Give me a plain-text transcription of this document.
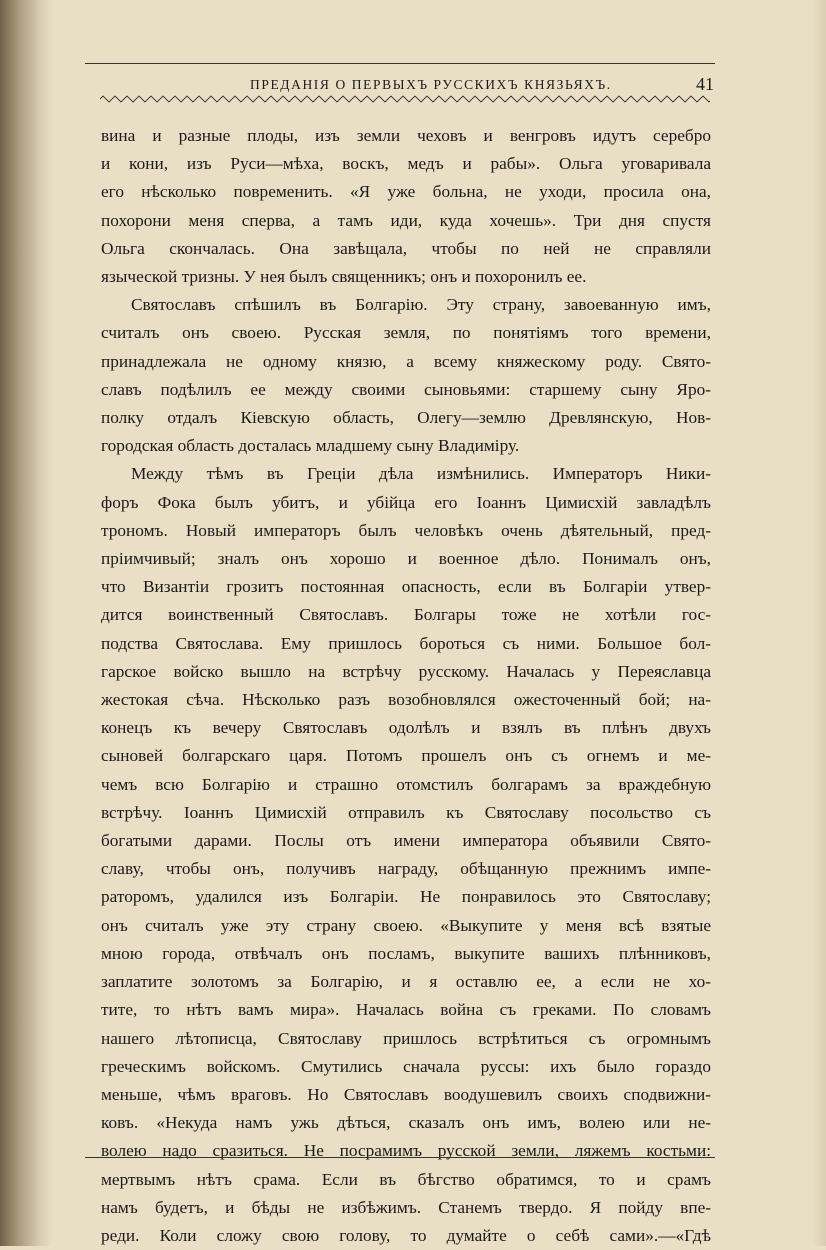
ПРЕДАНІЯ О ПЕРВЫХЪ РУССКИХЪ КНЯЗЬЯХЪ.	41
вина и разные плоды, изъ земли чеховъ и венгровъ идутъ серебро
и кони, изъ Руси—мѣха, воскъ, медъ и рабы». Ольга уговаривала
его нѣсколько повременить. «Я уже больна, не уходи, просила она,
похорони меня сперва, а тамъ иди, куда хочешь». Три дня спустя
Ольга скончалась. Она завѣщала, чтобы по ней не справляли
языческой тризны. У нея былъ священникъ; онъ и похоронилъ ее.
Святославъ спѣшилъ въ Болгарію. Эту страну, завоеванную имъ,
считалъ онъ своею. Русская земля, по понятіямъ того времени,
принадлежала не одному князю, а всему княжескому роду. Свято-
славъ подѣлилъ ее между своими сыновьями: старшему сыну Яро-
полку отдалъ Кіевскую область, Олегу—землю Древлянскую, Нов-
городская область досталась младшему сыну Владиміру.
Между тѣмъ въ Греціи дѣла измѣнились. Императоръ Ники-
форъ Фока былъ убитъ, и убійца его Іоаннъ Цимисхій завладѣлъ
трономъ. Новый императоръ былъ человѣкъ очень дѣятельный, пред-
пріимчивый; зналъ онъ хорошо и военное дѣло. Понималъ онъ,
что Византіи грозитъ постоянная опасность, если въ Болгаріи утвер-
дится воинственный Святославъ. Болгары тоже не хотѣли гос-
подства Святослава. Ему пришлось бороться съ ними. Большое бол-
гарское войско вышло на встрѣчу русскому. Началась у Переяславца
жестокая сѣча. Нѣсколько разъ возобновлялся ожесточенный бой; на-
конецъ къ вечеру Святославъ одолѣлъ и взялъ въ плѣнъ двухъ
сыновей болгарскаго царя. Потомъ прошелъ онъ съ огнемъ и ме-
чемъ всю Болгарію и страшно отомстилъ болгарамъ за враждебную
встрѣчу. Іоаннъ Цимисхій отправилъ къ Святославу посольство съ
богатыми дарами. Послы отъ имени императора объявили Свято-
славу, чтобы онъ, получивъ награду, обѣщанную прежнимъ импе-
раторомъ, удалился изъ Болгаріи. Не понравилось это Святославу;
онъ считалъ уже эту страну своею. «Выкупите у меня всѣ взятые
мною города, отвѣчалъ онъ посламъ, выкупите вашихъ плѣнниковъ,
заплатите золотомъ за Болгарію, и я оставлю ее, а если не хо-
тите, то нѣтъ вамъ мира». Началась война съ греками. По словамъ
нашего лѣтописца, Святославу пришлось встрѣтиться съ огромнымъ
греческимъ войскомъ. Смутились сначала руссы: ихъ было гораздо
меньше, чѣмъ враговъ. Но Святославъ воодушевилъ своихъ сподвижни-
ковъ. «Некуда намъ ужь дѣться, сказалъ онъ имъ, волею или не-
волею надо сразиться. Не посрамимъ русской земли, ляжемъ костьми:
мертвымъ нѣтъ срама. Если въ бѣгство обратимся, то и срамъ
намъ будетъ, и бѣды не избѣжимъ. Станемъ твердо. Я пойду впе-
реди. Коли сложу свою голову, то думайте о себѣ сами».—«Гдѣ
